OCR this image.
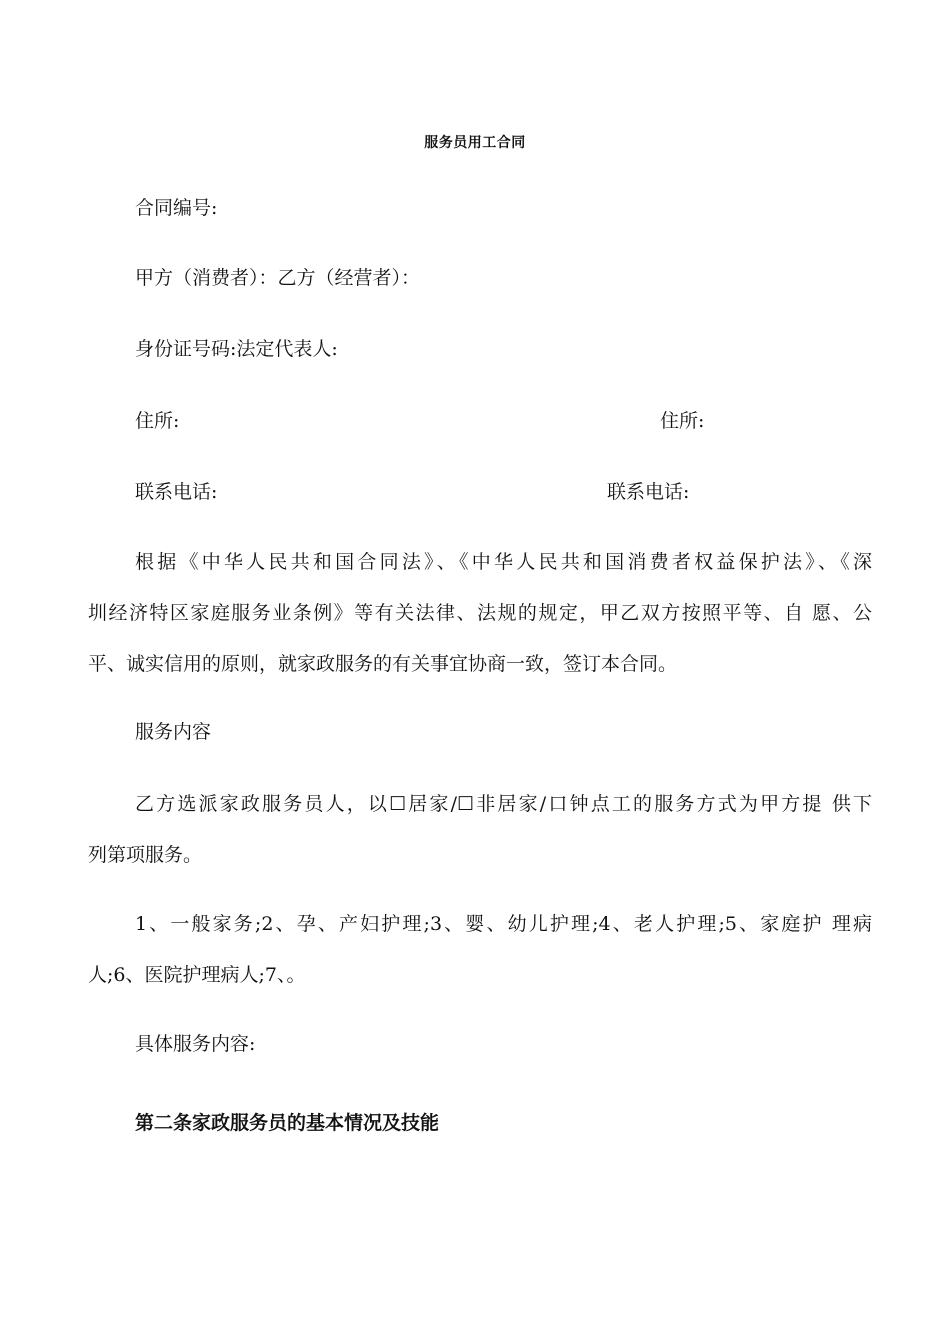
服务员用工合同
合同编号:
甲方（消费者）：乙方（经营者）：
身份证号码:法定代表人:
住所:	住所:
联系电话:	联系电话:
根据《中华人民共和国合同法》、《中华人民共和国消费者权益保护法》、《深
圳经济特区家庭服务业条例》等有关法律、法规的规定，甲乙双方按照平等、自 愿、公
平、诚实信用的原则，就家政服务的有关事宜协商一致，签订本合同。
服务内容
乙方选派家政服务员人，以☐居家/☐非居家/口钟点工的服务方式为甲方提 供下
列第项服务。
1、一般家务;2、孕、产妇护理;3、婴、幼儿护理;4、老人护理;5、家庭护 理病
人;6、医院护理病人;7、。
具体服务内容:
第二条家政服务员的基本情况及技能
